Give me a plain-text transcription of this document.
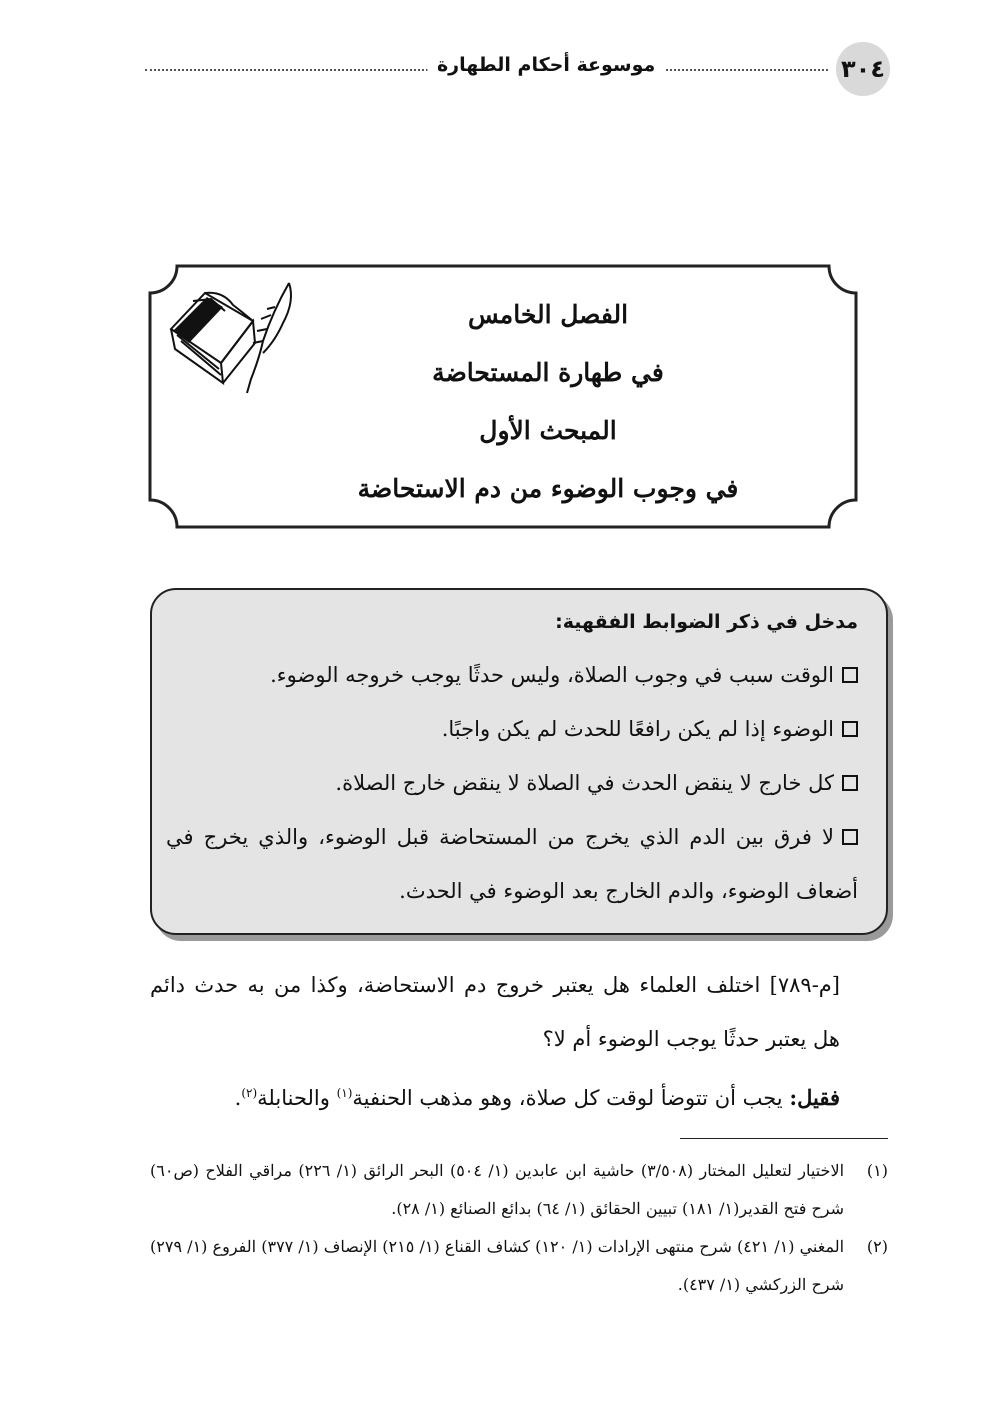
موسوعة أحكام الطهارة	٣٠٤
الفصل الخامس
في طهارة المستحاضة
المبحث الأول
في وجوب الوضوء من دم الاستحاضة
مدخل في ذكر الضوابط الفقهية:
الوقت سبب في وجوب الصلاة، وليس حدثًا يوجب خروجه الوضوء.
الوضوء إذا لم يكن رافعًا للحدث لم يكن واجبًا.
كل خارج لا ينقض الحدث في الصلاة لا ينقض خارج الصلاة.
لا فرق بين الدم الذي يخرج من المستحاضة قبل الوضوء، والذي يخرج في أضعاف الوضوء، والدم الخارج بعد الوضوء في الحدث.

[م-٧٨٩] اختلف العلماء هل يعتبر خروج دم الاستحاضة، وكذا من به حدث دائم هل يعتبر حدثًا يوجب الوضوء أم لا؟

فقيل: يجب أن تتوضأ لوقت كل صلاة، وهو مذهب الحنفية$^{(١)}$ والحنابلة$^{(٢)}$.

(١)
الاختيار لتعليل المختار (٣/٥٠٨) حاشية ابن عابدين (١/ ٥٠٤) البحر الرائق (١/ ٢٢٦) مراقي الفلاح (ص٦٠) شرح فتح القدير(١/ ١٨١) تبيين الحقائق (١/ ٦٤) بدائع الصنائع (١/ ٢٨).
(٢)
المغني (١/ ٤٢١) شرح منتهى الإرادات (١/ ١٢٠) كشاف القناع (١/ ٢١٥) الإنصاف (١/ ٣٧٧) الفروع (١/ ٢٧٩) شرح الزركشي (١/ ٤٣٧).
